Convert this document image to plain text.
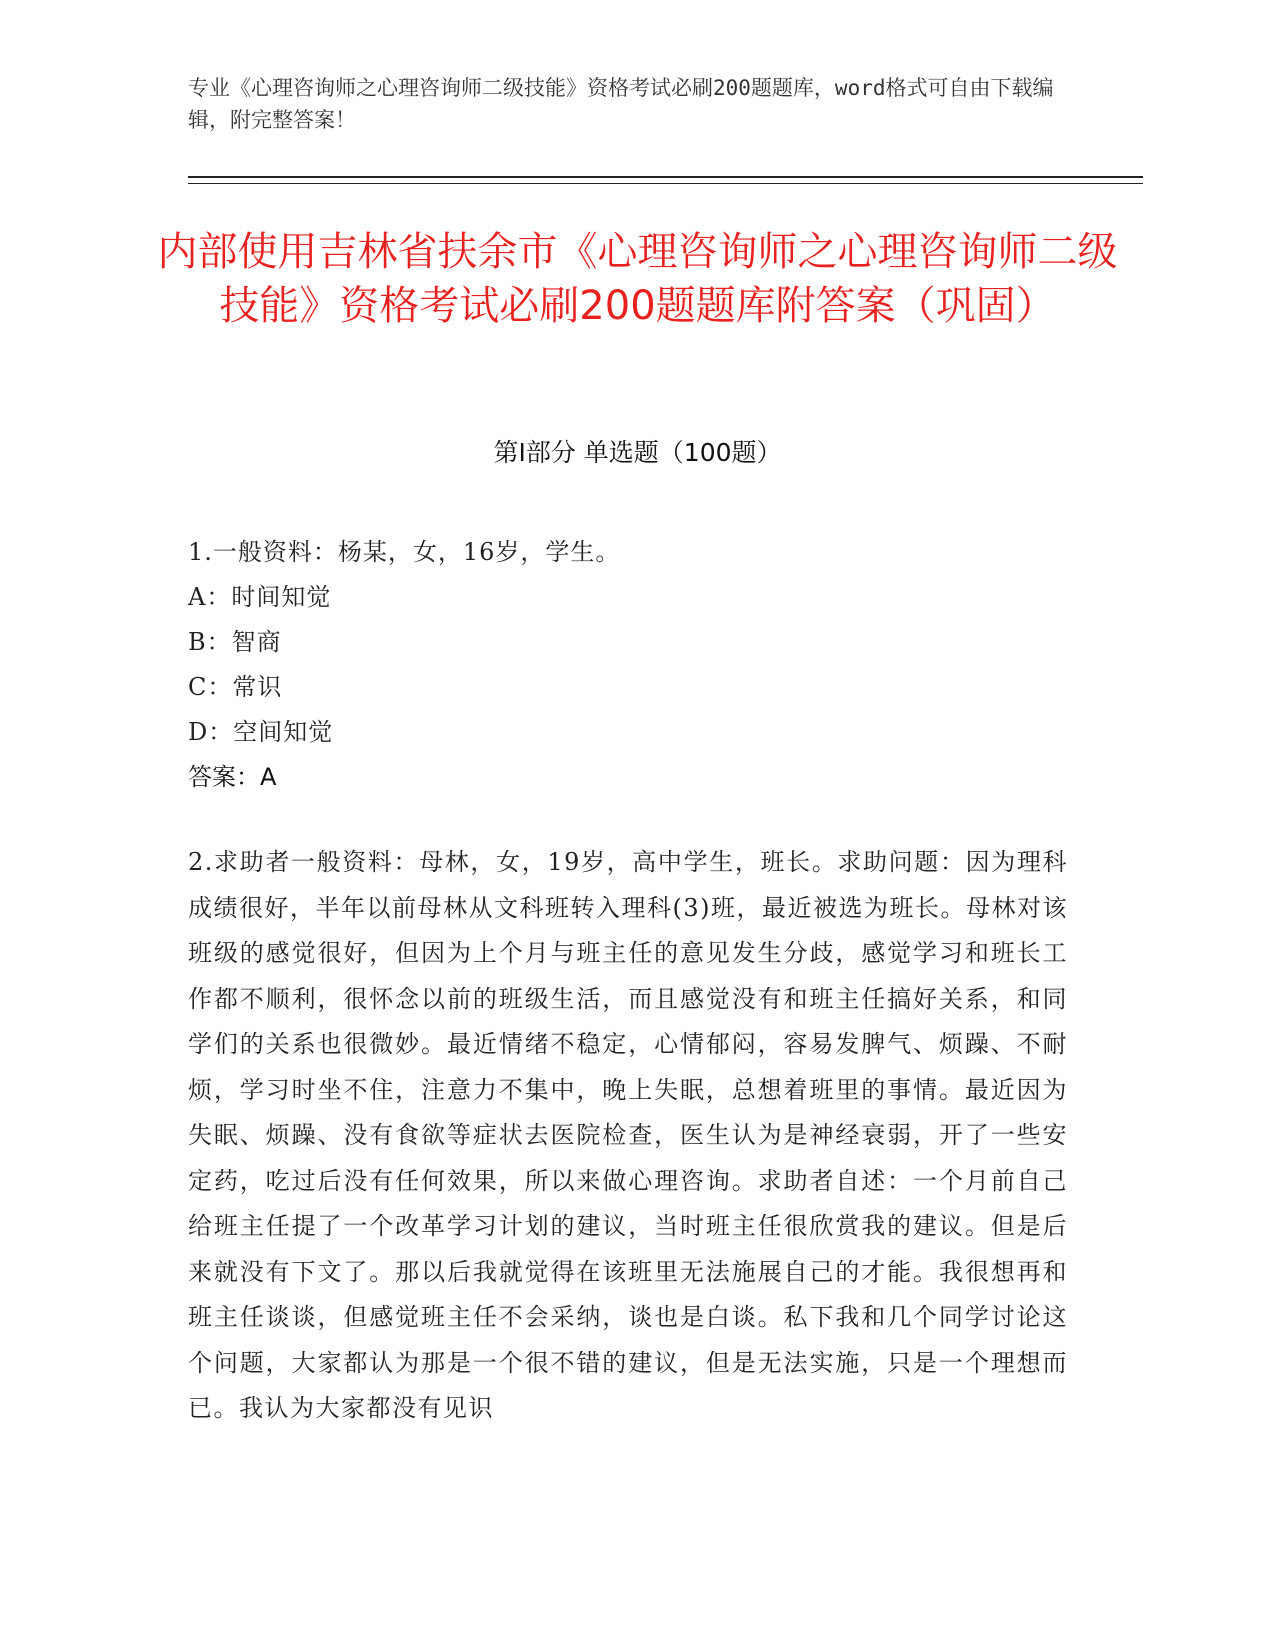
专业《心理咨询师之心理咨询师二级技能》资格考试必刷200题题库，word格式可自由下载编辑，附完整答案！

内部使用吉林省扶余市《心理咨询师之心理咨询师二级技能》资格考试必刷200题题库附答案（巩固）
第Ⅰ部分 单选题（100题）

1.一般资料：杨某，女，16岁，学生。

A：时间知觉

B：智商

C：常识

D：空间知觉

答案：A

2.求助者一般资料：母林，女，19岁，高中学生，班长。求助问题：因为理科成绩很好，半年以前母林从文科班转入理科(3)班，最近被选为班长。母林对该班级的感觉很好，但因为上个月与班主任的意见发生分歧，感觉学习和班长工作都不顺利，很怀念以前的班级生活，而且感觉没有和班主任搞好关系，和同学们的关系也很微妙。最近情绪不稳定，心情郁闷，容易发脾气、烦躁、不耐烦，学习时坐不住，注意力不集中，晚上失眠，总想着班里的事情。最近因为失眠、烦躁、没有食欲等症状去医院检查，医生认为是神经衰弱，开了一些安定药，吃过后没有任何效果，所以来做心理咨询。求助者自述：一个月前自己给班主任提了一个改革学习计划的建议，当时班主任很欣赏我的建议。但是后来就没有下文了。那以后我就觉得在该班里无法施展自己的才能。我很想再和班主任谈谈，但感觉班主任不会采纳，谈也是白谈。私下我和几个同学讨论这个问题，大家都认为那是一个很不错的建议，但是无法实施，只是一个理想而已。我认为大家都没有见识
